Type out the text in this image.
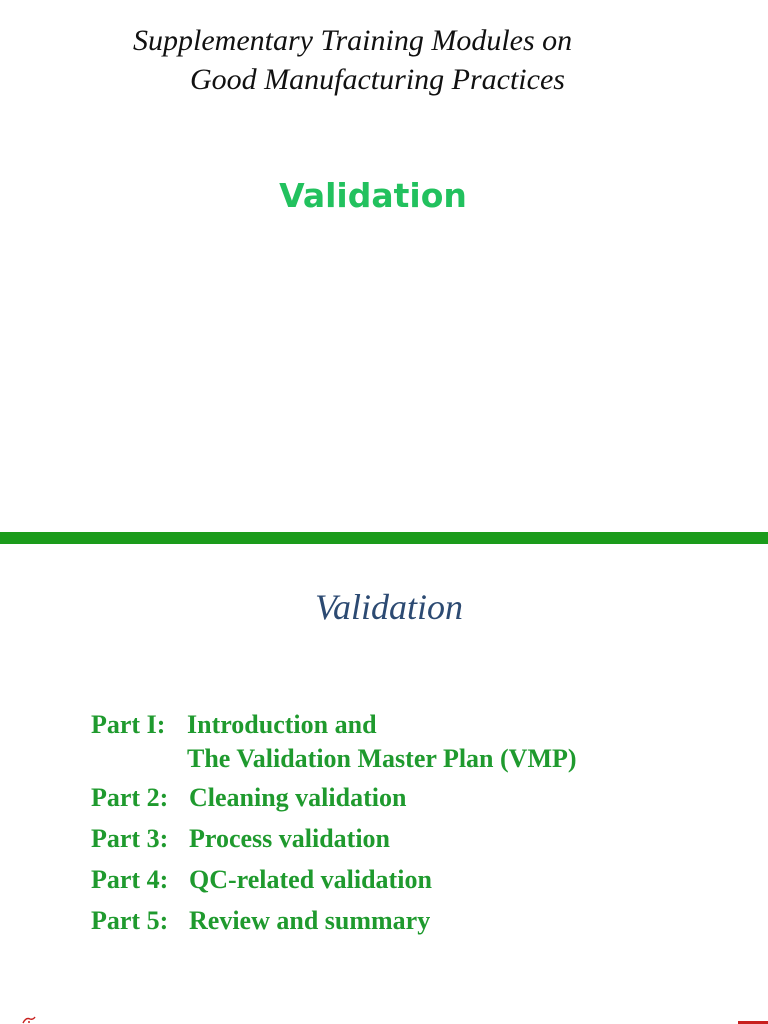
Supplementary Training Modules on
Good Manufacturing Practices
Validation
Validation
Part I: Introduction and
The Validation Master Plan (VMP)
Part 2: Cleaning validation
Part 3: Process validation
Part 4: QC-related validation
Part 5: Review and summary
